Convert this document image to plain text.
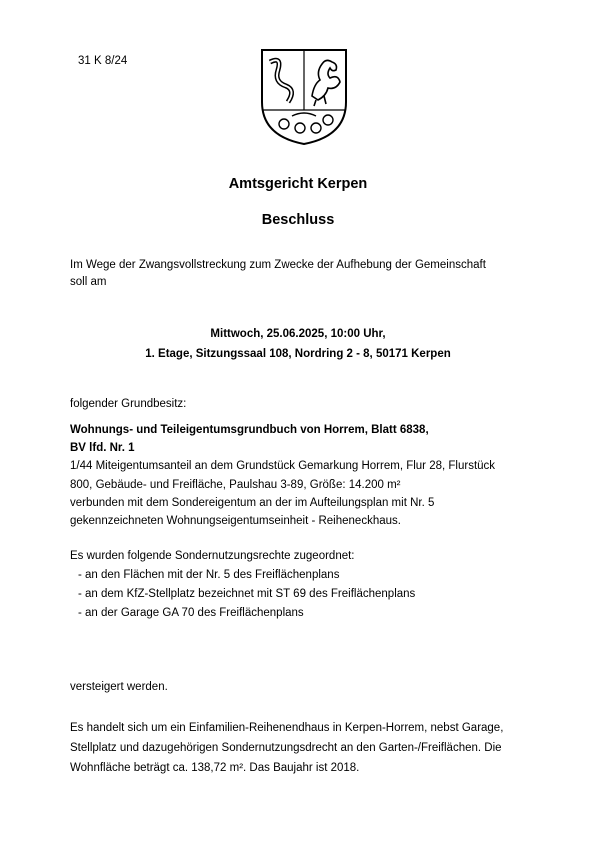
31 K 8/24
Amtsgericht Kerpen
Beschluss
Im Wege der Zwangsvollstreckung zum Zwecke der Aufhebung der Gemeinschaft
soll am
Mittwoch, 25.06.2025, 10:00 Uhr,
1. Etage, Sitzungssaal 108, Nordring 2 - 8, 50171 Kerpen
folgender Grundbesitz:
Wohnungs- und Teileigentumsgrundbuch von Horrem, Blatt 6838,
BV lfd. Nr. 1
1/44 Miteigentumsanteil an dem Grundstück Gemarkung Horrem, Flur 28, Flurstück
800, Gebäude- und Freifläche, Paulshau 3-89, Größe: 14.200 m²
verbunden mit dem Sondereigentum an der im Aufteilungsplan mit Nr. 5
gekennzeichneten Wohnungseigentumseinheit - Reiheneckhaus.
Es wurden folgende Sondernutzungsrechte zugeordnet:
- an den Flächen mit der Nr. 5 des Freiflächenplans
- an dem KfZ-Stellplatz bezeichnet mit ST 69 des Freiflächenplans
- an der Garage GA 70 des Freiflächenplans
versteigert werden.
Es handelt sich um ein Einfamilien-Reihenendhaus in Kerpen-Horrem, nebst Garage,
Stellplatz und dazugehörigen Sondernutzungsdrecht an den Garten-/Freiflächen. Die
Wohnfläche beträgt ca. 138,72 m². Das Baujahr ist 2018.
